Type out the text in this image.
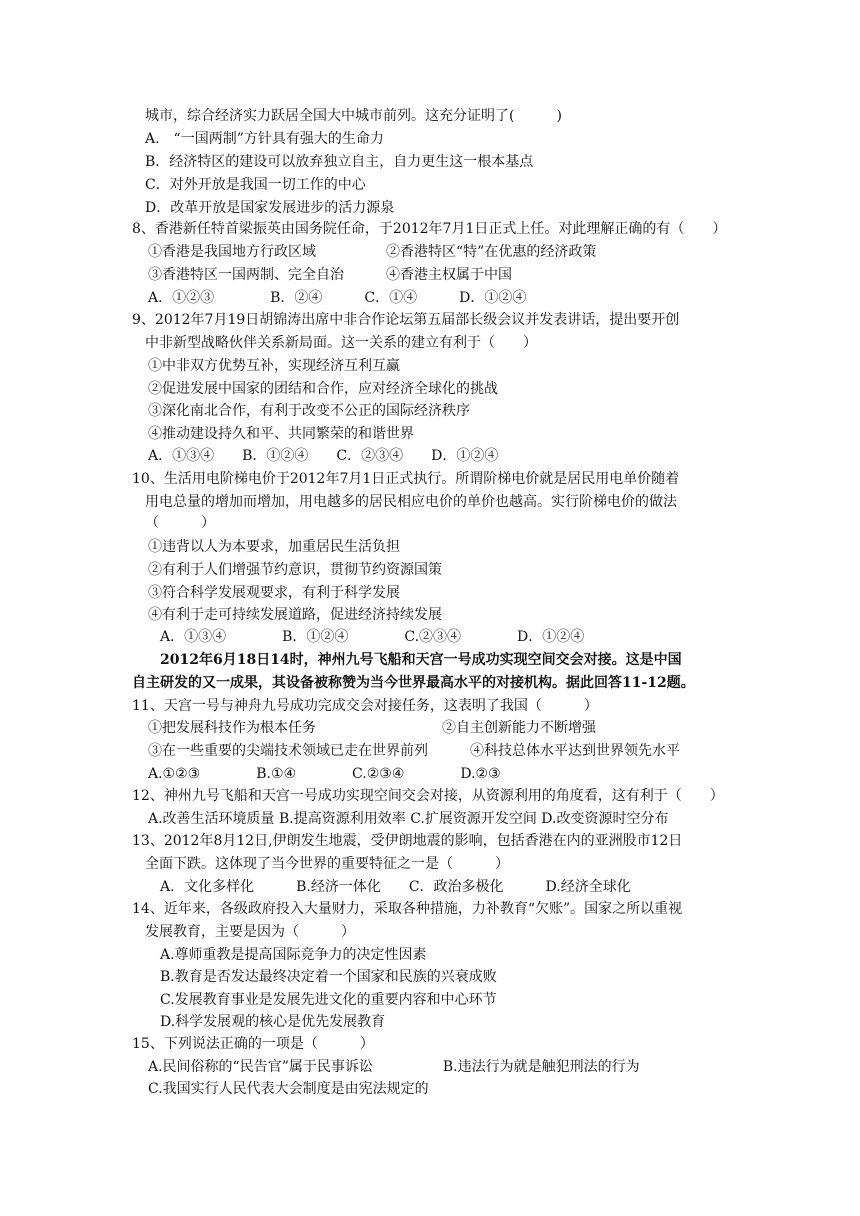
城市，综合经济实力跃居全国大中城市前列。这充分证明了(　　　)
A.　“一国两制”方针具有强大的生命力
B．经济特区的建设可以放弃独立自主，自力更生这一根本基点
C．对外开放是我国一切工作的中心
D．改革开放是国家发展进步的活力源泉
8、香港新任特首梁振英由国务院任命，于2012年7月1日正式上任。对此理解正确的有（　　）
①香港是我国地方行政区域　　　　　②香港特区“特”在优惠的经济政策
③香港特区一国两制、完全自治　　　④香港主权属于中国
A．①②③　　　　B．②④　　　C．①④　　　D．①②④
9、2012年7月19日胡锦涛出席中非合作论坛第五届部长级会议并发表讲话，提出要开创
中非新型战略伙伴关系新局面。这一关系的建立有利于（　　）
①中非双方优势互补，实现经济互利互赢
②促进发展中国家的团结和合作，应对经济全球化的挑战
③深化南北合作，有利于改变不公正的国际经济秩序
④推动建设持久和平、共同繁荣的和谐世界
A．①③④　　B．①②④　　C．②③④　　D．①②④
10、生活用电阶梯电价于2012年7月1日正式执行。所谓阶梯电价就是居民用电单价随着
用电总量的增加而增加，用电越多的居民相应电价的单价也越高。实行阶梯电价的做法
（　　　）
①违背以人为本要求，加重居民生活负担
②有利于人们增强节约意识，贯彻节约资源国策
③符合科学发展观要求，有利于科学发展
④有利于走可持续发展道路，促进经济持续发展
A．①③④　　　　B．①②④　　　　C.②③④　　　　D．①②④
2012年6月18日14时，神州九号飞船和天宫一号成功实现空间交会对接。这是中国
自主研发的又一成果，其设备被称赞为当今世界最高水平的对接机构。据此回答11-12题。
11、天宫一号与神舟九号成功完成交会对接任务，这表明了我国（　　　）
①把发展科技作为根本任务　　　　　　　　　②自主创新能力不断增强
③在一些重要的尖端技术领域已走在世界前列　　　④科技总体水平达到世界领先水平
A.①②③　　　　B.①④　　　　C.②③④　　　　D.②③
12、神州九号飞船和天宫一号成功实现空间交会对接，从资源利用的角度看，这有利于（　　）
A.改善生活环境质量 B.提高资源利用效率 C.扩展资源开发空间 D.改变资源时空分布
13、2012年8月12日,伊朗发生地震，受伊朗地震的影响，包括香港在内的亚洲股市12日
全面下跌。这体现了当今世界的重要特征之一是（　　　）
A．文化多样化　　　B.经济一体化　　C．政治多极化　　　D.经济全球化
14、近年来，各级政府投入大量财力，采取各种措施，力补教育“欠账”。国家之所以重视
发展教育，主要是因为（　　　）
A.尊师重教是提高国际竞争力的决定性因素
B.教育是否发达最终决定着一个国家和民族的兴衰成败
C.发展教育事业是发展先进文化的重要内容和中心环节
D.科学发展观的核心是优先发展教育
15、下列说法正确的一项是（　　　）
A.民间俗称的“民告官”属于民事诉讼　　　　　B.违法行为就是触犯刑法的行为
C.我国实行人民代表大会制度是由宪法规定的
